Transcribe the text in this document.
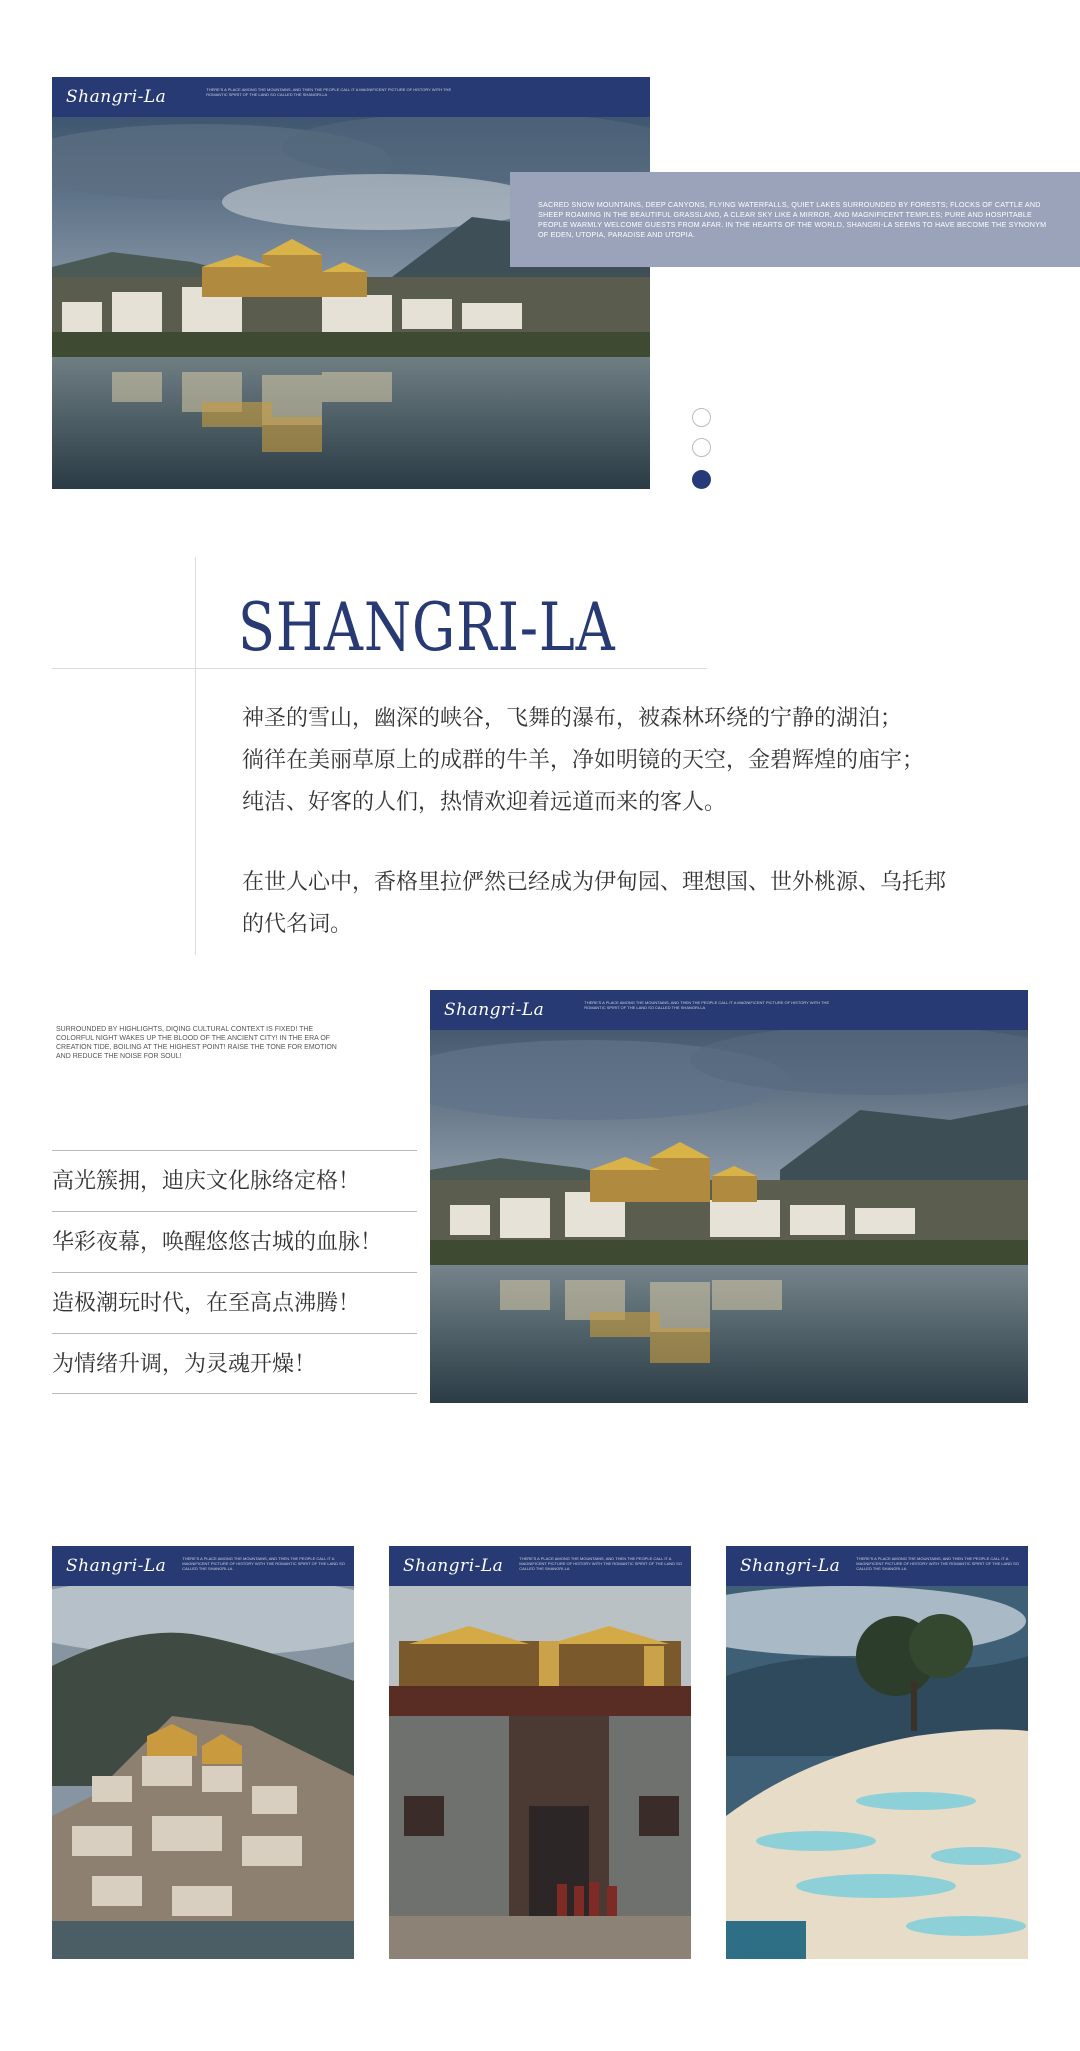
Shangri-La	THERE'S A PLACE AMONG THE MOUNTAINS, AND THEN THE PEOPLE CALL IT A MAGNIFICENT PICTURE OF HISTORY WITH THE ROMANTIC SPIRIT OF THE LAND SO CALLED THE SHANGRI-LA
SACRED SNOW MOUNTAINS, DEEP CANYONS, FLYING WATERFALLS, QUIET LAKES SURROUNDED BY FORESTS; FLOCKS OF CATTLE AND SHEEP ROAMING IN THE BEAUTIFUL GRASSLAND, A CLEAR SKY LIKE A MIRROR, AND MAGNIFICENT TEMPLES; PURE AND HOSPITABLE PEOPLE WARMLY WELCOME GUESTS FROM AFAR. IN THE HEARTS OF THE WORLD, SHANGRI-LA SEEMS TO HAVE BECOME THE SYNONYM OF EDEN, UTOPIA, PARADISE AND UTOPIA.
SHANGRI-LA
神圣的雪山，幽深的峡谷，飞舞的瀑布，被森林环绕的宁静的湖泊；
徜徉在美丽草原上的成群的牛羊，净如明镜的天空，金碧辉煌的庙宇；
纯洁、好客的人们，热情欢迎着远道而来的客人。
在世人心中，香格里拉俨然已经成为伊甸园、理想国、世外桃源、乌托邦
的代名词。
SURROUNDED BY HIGHLIGHTS, DIQING CULTURAL CONTEXT IS FIXED! THE COLORFUL NIGHT WAKES UP THE BLOOD OF THE ANCIENT CITY! IN THE ERA OF CREATION TIDE, BOILING AT THE HIGHEST POINT! RAISE THE TONE FOR EMOTION AND REDUCE THE NOISE FOR SOUL!
高光簇拥，迪庆文化脉络定格！
华彩夜幕，唤醒悠悠古城的血脉！
造极潮玩时代，在至高点沸腾！
为情绪升调，为灵魂开燥！
Shangri-La	THERE'S A PLACE AMONG THE MOUNTAINS, AND THEN THE PEOPLE CALL IT A MAGNIFICENT PICTURE OF HISTORY WITH THE ROMANTIC SPIRIT OF THE LAND SO CALLED THE SHANGRI-LA
Shangri-La	THERE'S A PLACE AMONG THE MOUNTAINS, AND THEN THE PEOPLE CALL IT A MAGNIFICENT PICTURE OF HISTORY WITH THE ROMANTIC SPIRIT OF THE LAND SO CALLED THE SHANGRI-LA	Shangri-La	THERE'S A PLACE AMONG THE MOUNTAINS, AND THEN THE PEOPLE CALL IT A MAGNIFICENT PICTURE OF HISTORY WITH THE ROMANTIC SPIRIT OF THE LAND SO CALLED THE SHANGRI-LA	Shangri-La	THERE'S A PLACE AMONG THE MOUNTAINS, AND THEN THE PEOPLE CALL IT A MAGNIFICENT PICTURE OF HISTORY WITH THE ROMANTIC SPIRIT OF THE LAND SO CALLED THE SHANGRI-LA
